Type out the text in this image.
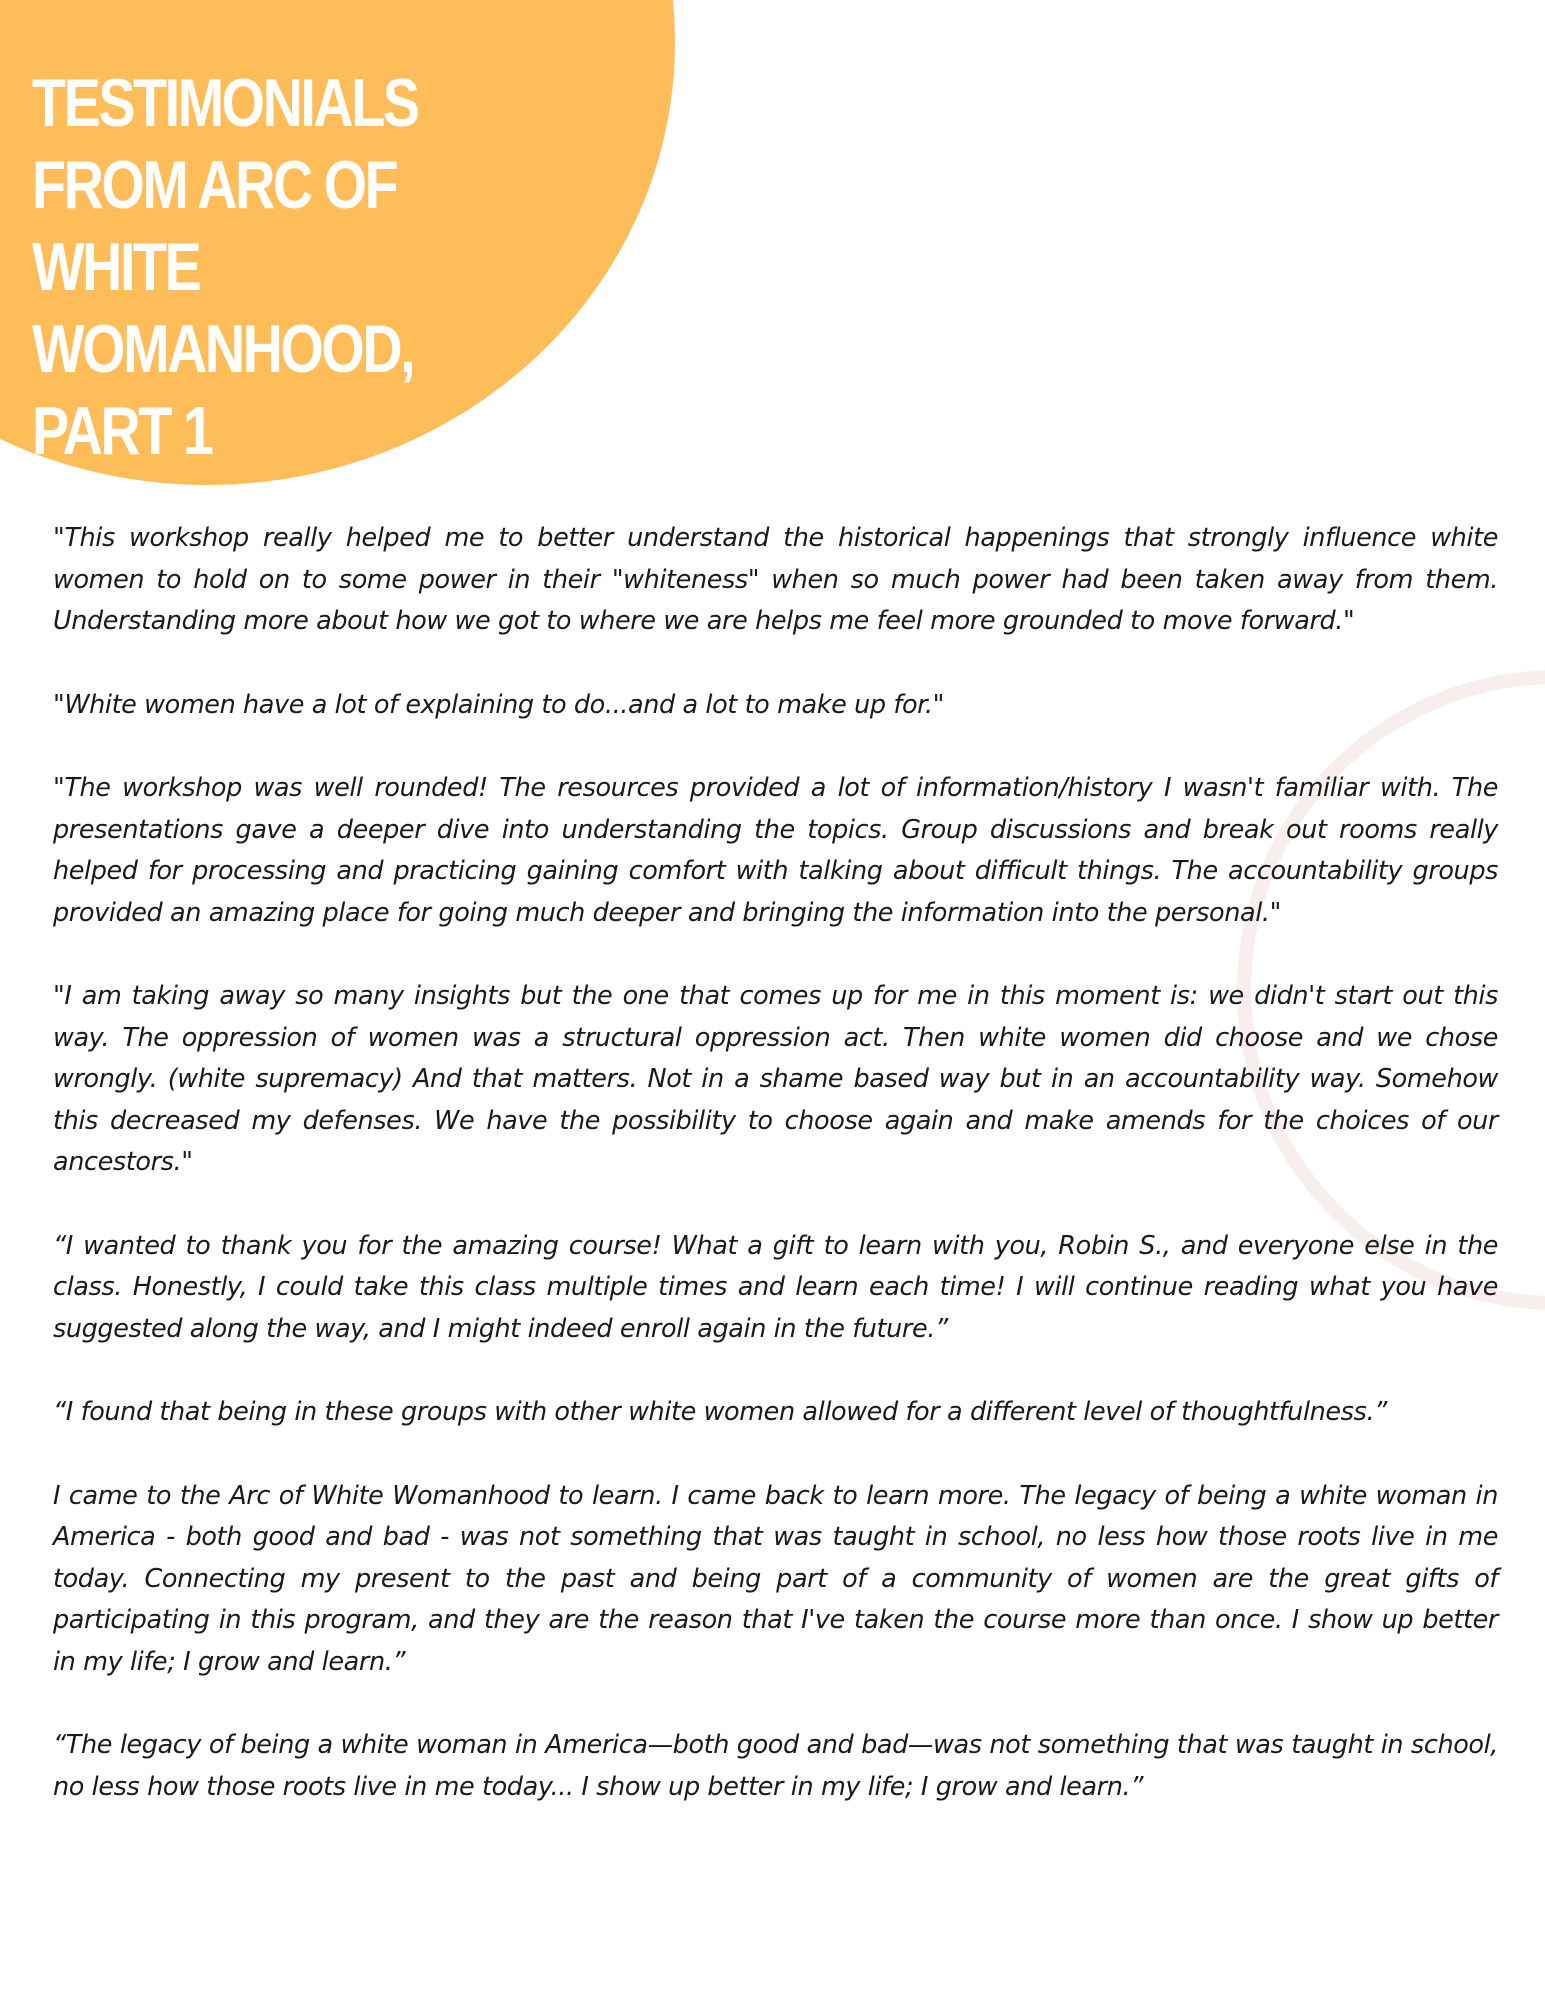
TESTIMONIALS FROM ARC OF WHITE WOMANHOOD, PART 1

"This workshop really helped me to better understand the historical happenings that strongly influence white women to hold on to some power in their "whiteness" when so much power had been taken away from them. Understanding more about how we got to where we are helps me feel more grounded to move forward."

"White women have a lot of explaining to do...and a lot to make up for."

"The workshop was well rounded! The resources provided a lot of information/history I wasn't familiar with. The presentations gave a deeper dive into understanding the topics. Group discussions and break out rooms really helped for processing and practicing gaining comfort with talking about difficult things. The accountability groups provided an amazing place for going much deeper and bringing the information into the personal."

"I am taking away so many insights but the one that comes up for me in this moment is: we didn't start out this way. The oppression of women was a structural oppression act. Then white women did choose and we chose wrongly. (white supremacy) And that matters. Not in a shame based way but in an accountability way. Somehow this decreased my defenses. We have the possibility to choose again and make amends for the choices of our ancestors."

“I wanted to thank you for the amazing course! What a gift to learn with you, Robin S., and everyone else in the class. Honestly, I could take this class multiple times and learn each time! I will continue reading what you have suggested along the way, and I might indeed enroll again in the future.”

“I found that being in these groups with other white women allowed for a different level of thoughtfulness.”

I came to the Arc of White Womanhood to learn. I came back to learn more. The legacy of being a white woman in America - both good and bad - was not something that was taught in school, no less how those roots live in me today. Connecting my present to the past and being part of a community of women are the great gifts of participating in this program, and they are the reason that I've taken the course more than once. I show up better in my life; I grow and learn.”

“The legacy of being a white woman in America—both good and bad—was not something that was taught in school, no less how those roots live in me today... I show up better in my life; I grow and learn.”
